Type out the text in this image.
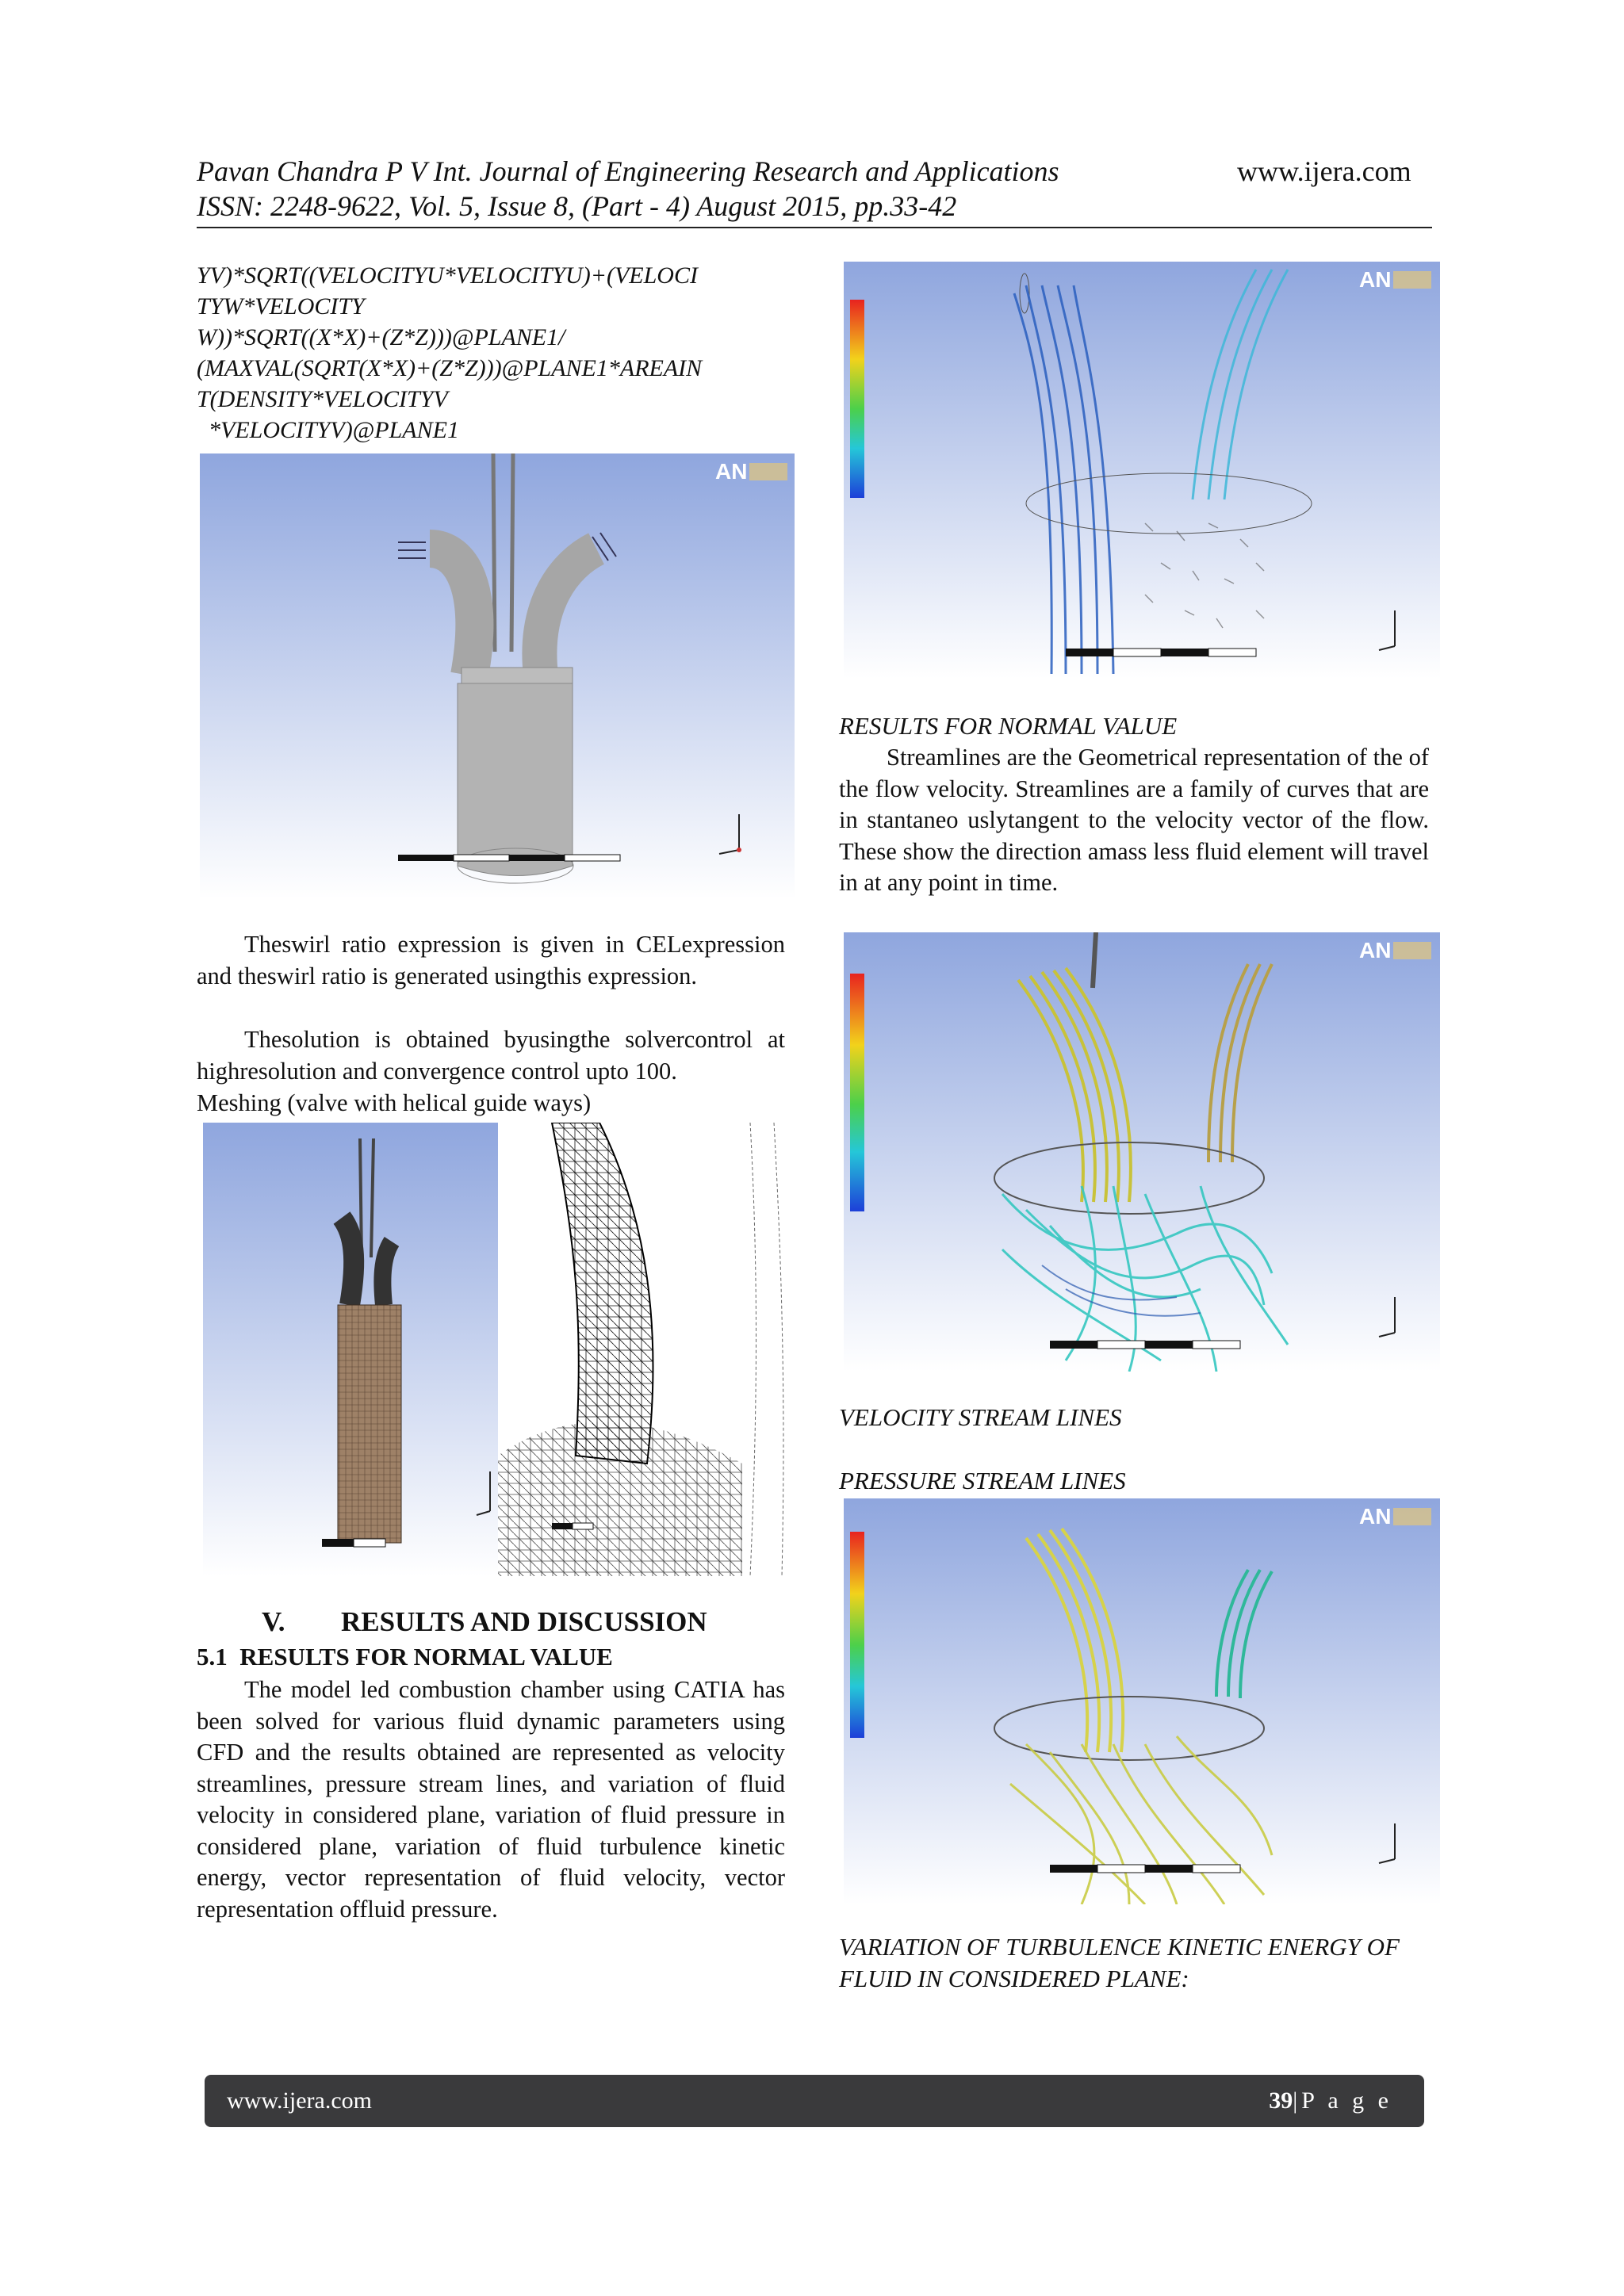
Pavan Chandra P V Int. Journal of Engineering Research and Applications	www.ijera.com
ISSN: 2248-9622, Vol. 5, Issue 8, (Part - 4) August 2015, pp.33-42
YV)*SQRT((VELOCITYU*VELOCITYU)+(VELOCI
TYW*VELOCITY
W))*SQRT((X*X)+(Z*Z)))@PLANE1/
(MAXVAL(SQRT(X*X)+(Z*Z)))@PLANE1*AREAIN
T(DENSITY*VELOCITYV
*VELOCITYV)@PLANE1
AN

Theswirl ratio expression is given in CELexpression and theswirl ratio is generated usingthis expression.

Thesolution is obtained byusingthe solvercontrol at highresolution and convergence control upto 100.

Meshing (valve with helical guide ways)
V. RESULTS AND DISCUSSION
5.1  RESULTS FOR NORMAL VALUE

The model led combustion chamber using CATIA has been solved for various fluid dynamic parameters using CFD and the results obtained are represented as velocity streamlines, pressure stream lines, and variation of fluid velocity in considered plane, variation of fluid pressure in considered plane, variation of fluid turbulence kinetic energy, vector representation of fluid velocity, vector representation offluid pressure.

AN
RESULTS FOR NORMAL VALUE

Streamlines are the Geometrical representation of the of the flow velocity. Streamlines are a family of curves that are in stantaneo uslytangent to the velocity vector of the flow. These show the direction amass less fluid element will travel in at any point in time.

AN
VELOCITY STREAM LINES
PRESSURE STREAM LINES
AN
VARIATION OF TURBULENCE KINETIC ENERGY OF FLUID IN CONSIDERED PLANE:
www.ijera.com	39|P a g e
